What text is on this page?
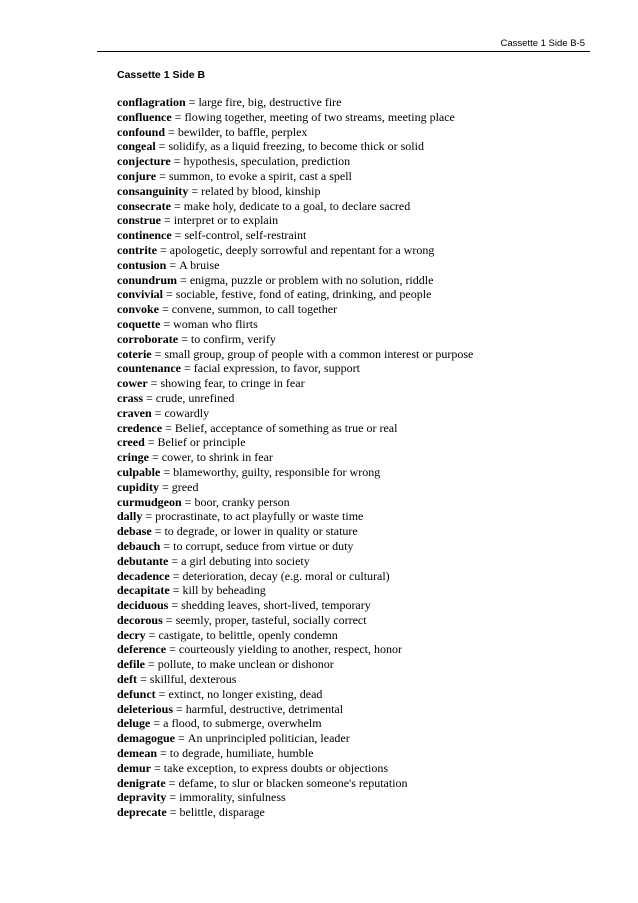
Cassette 1 Side B-5
Cassette 1 Side B
conflagration = large fire, big, destructive fire
confluence = flowing together, meeting of two streams, meeting place
confound = bewilder, to baffle, perplex
congeal = solidify, as a liquid freezing, to become thick or solid
conjecture = hypothesis, speculation, prediction
conjure = summon, to evoke a spirit, cast a spell
consanguinity = related by blood, kinship
consecrate = make holy, dedicate to a goal, to declare sacred
construe = interpret or to explain
continence = self-control, self-restraint
contrite = apologetic, deeply sorrowful and repentant for a wrong
contusion = A bruise
conundrum = enigma, puzzle or problem with no solution, riddle
convivial = sociable, festive, fond of eating, drinking, and people
convoke = convene, summon, to call together
coquette = woman who flirts
corroborate = to confirm, verify
coterie = small group, group of people with a common interest or purpose
countenance = facial expression, to favor, support
cower = showing fear, to cringe in fear
crass = crude, unrefined
craven = cowardly
credence = Belief, acceptance of something as true or real
creed = Belief or principle
cringe = cower, to shrink in fear
culpable = blameworthy, guilty, responsible for wrong
cupidity = greed
curmudgeon = boor, cranky person
dally = procrastinate, to act playfully or waste time
debase = to degrade, or lower in quality or stature
debauch = to corrupt, seduce from virtue or duty
debutante = a girl debuting into society
decadence = deterioration, decay (e.g. moral or cultural)
decapitate = kill by beheading
deciduous = shedding leaves, short-lived, temporary
decorous = seemly, proper, tasteful, socially correct
decry = castigate, to belittle, openly condemn
deference = courteously yielding to another, respect, honor
defile = pollute, to make unclean or dishonor
deft = skillful, dexterous
defunct = extinct, no longer existing, dead
deleterious = harmful, destructive, detrimental
deluge = a flood, to submerge, overwhelm
demagogue = An unprincipled politician, leader
demean = to degrade, humiliate, humble
demur = take exception, to express doubts or objections
denigrate = defame, to slur or blacken someone's reputation
depravity = immorality, sinfulness
deprecate = belittle, disparage
